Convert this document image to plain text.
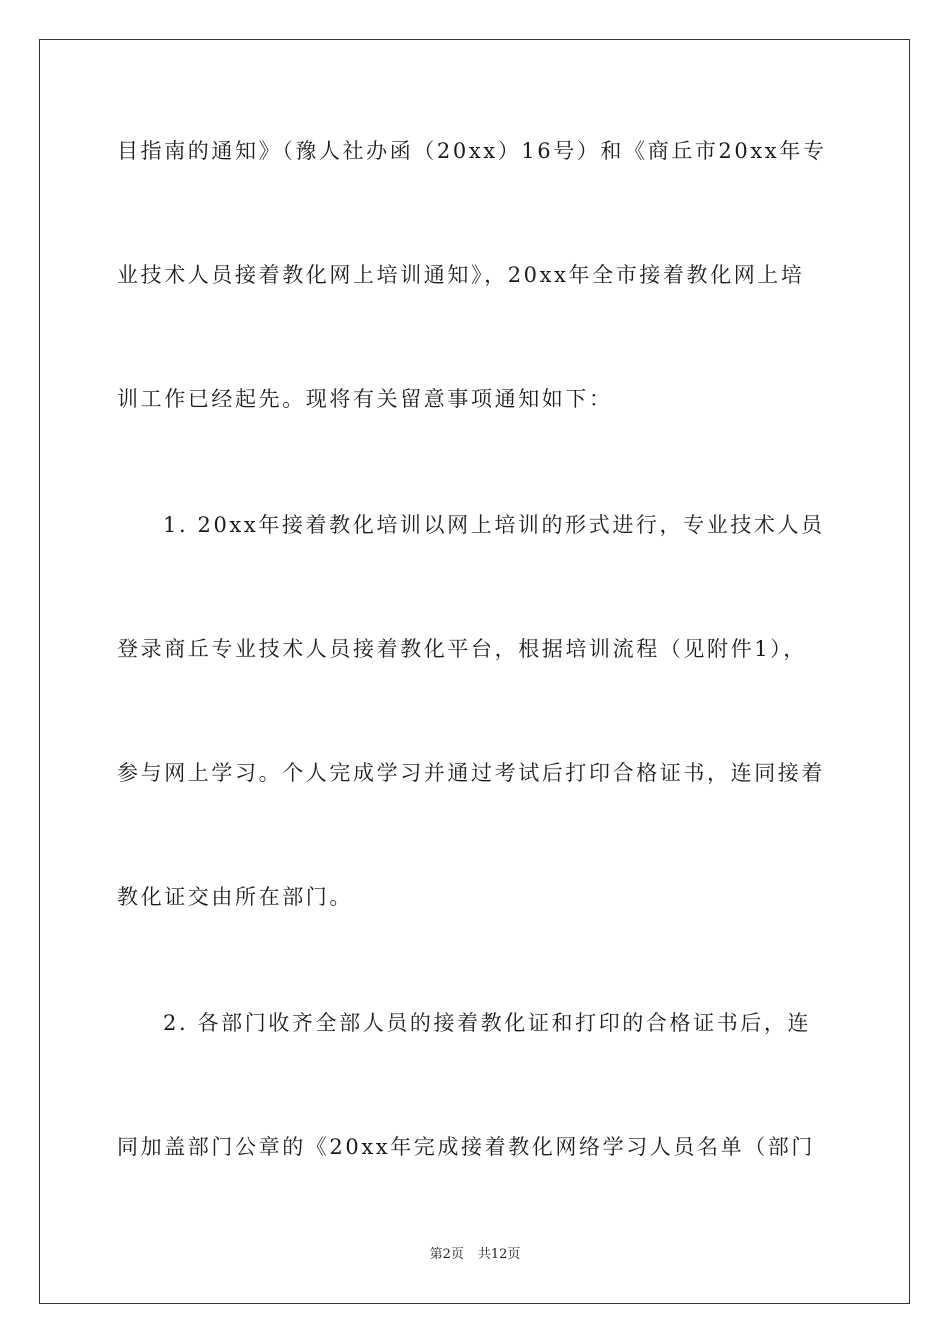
目指南的通知》（豫人社办函（20xx）16号）和《商丘市20xx年专
业技术人员接着教化网上培训通知》，20xx年全市接着教化网上培
训工作已经起先。现将有关留意事项通知如下：
1. 20xx年接着教化培训以网上培训的形式进行，专业技术人员
登录商丘专业技术人员接着教化平台，根据培训流程（见附件1），
参与网上学习。个人完成学习并通过考试后打印合格证书，连同接着
教化证交由所在部门。
2. 各部门收齐全部人员的接着教化证和打印的合格证书后，连
同加盖部门公章的《20xx年完成接着教化网络学习人员名单（部门
第2页 共12页
